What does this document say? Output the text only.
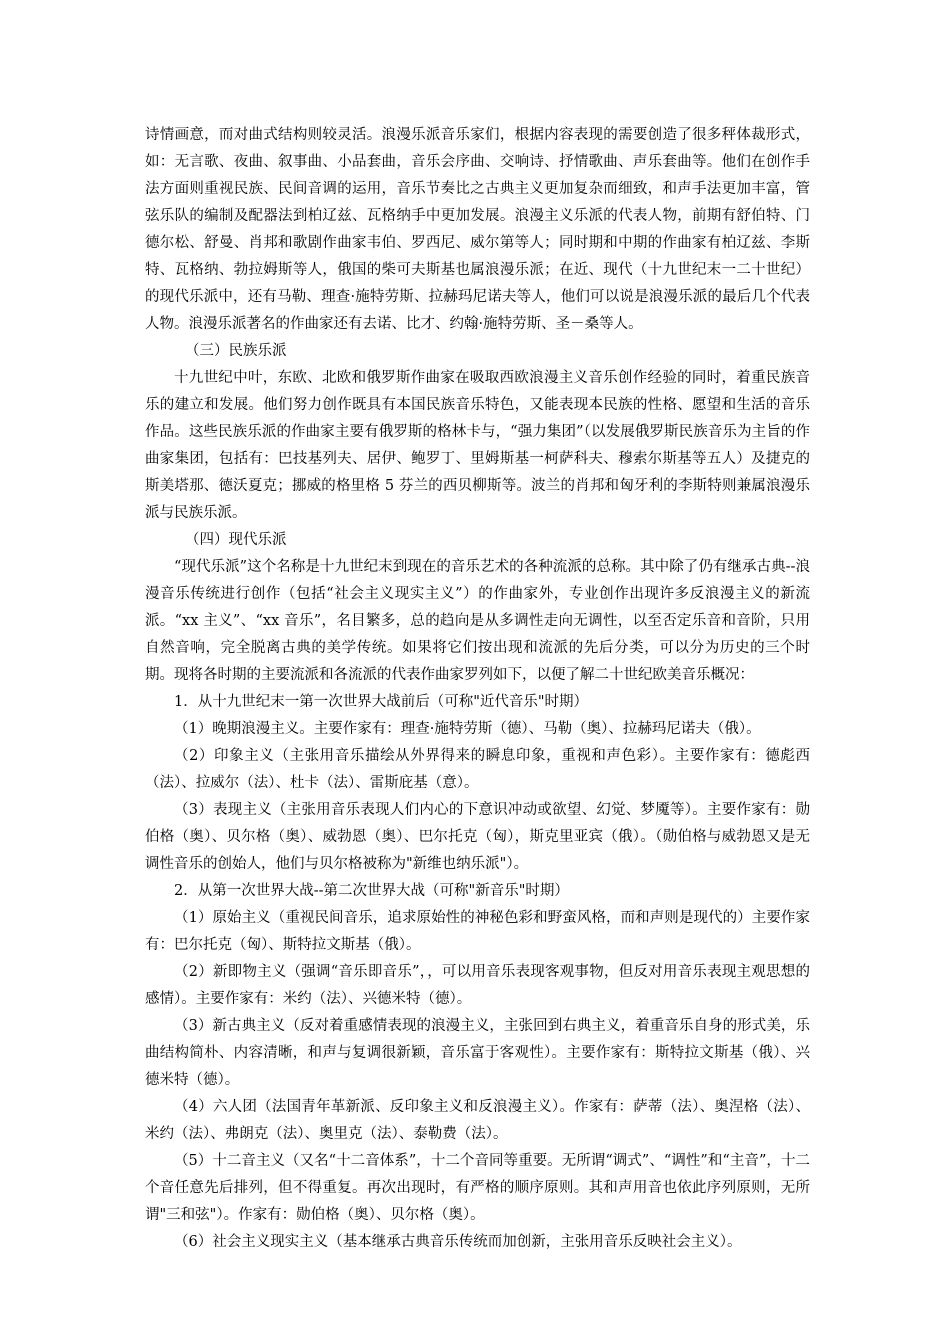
诗情画意，而对曲式结构则较灵活。浪漫乐派音乐家们，根据内容表现的需要创造了很多秤体裁形式，如：无言歌、夜曲、叙事曲、小品套曲，音乐会序曲、交响诗、抒情歌曲、声乐套曲等。他们在创作手法方面则重视民族、民间音调的运用，音乐节奏比之古典主义更加复杂而细致，和声手法更加丰富，管弦乐队的编制及配器法到柏辽兹、瓦格纳手中更加发展。浪漫主义乐派的代表人物，前期有舒伯特、门德尔松、舒曼、肖邦和歌剧作曲家韦伯、罗西尼、威尔第等人；同时期和中期的作曲家有柏辽兹、李斯特、瓦格纳、勃拉姆斯等人，俄国的柴可夫斯基也属浪漫乐派；在近、现代（十九世纪末一二十世纪）的现代乐派中，还有马勒、理查·施特劳斯、拉赫玛尼诺夫等人，他们可以说是浪漫乐派的最后几个代表人物。浪漫乐派著名的作曲家还有去诺、比才、约翰·施特劳斯、圣－桑等人。

（三）民族乐派

十九世纪中叶，东欧、北欧和俄罗斯作曲家在吸取西欧浪漫主义音乐创作经验的同时，着重民族音乐的建立和发展。他们努力创作既具有本国民族音乐特色，又能表现本民族的性格、愿望和生活的音乐作品。这些民族乐派的作曲家主要有俄罗斯的格林卡与，“强力集团”（以发展俄罗斯民族音乐为主旨的作曲家集团，包括有：巴技基列夫、居伊、鲍罗丁、里姆斯基一柯萨科夫、穆索尔斯基等五人）及捷克的斯美塔那、德沃夏克；挪威的格里格 5 芬兰的西贝柳斯等。波兰的肖邦和匈牙利的李斯特则兼属浪漫乐派与民族乐派。

（四）现代乐派

“现代乐派”这个名称是十九世纪末到现在的音乐艺术的各种流派的总称。其中除了仍有继承古典--浪漫音乐传统进行创作（包括“社会主义现实主义”）的作曲家外，专业创作出现许多反浪漫主义的新流派。“xx 主义”、“xx 音乐”，名目繁多，总的趋向是从多调性走向无调性，以至否定乐音和音阶，只用自然音响，完全脱离古典的美学传统。如果将它们按出现和流派的先后分类，可以分为历史的三个时期。现将各时期的主要流派和各流派的代表作曲家罗列如下，以便了解二十世纪欧美音乐概况：

1．从十九世纪末一第一次世界大战前后（可称"近代音乐"时期）

（1）晚期浪漫主义。主要作家有：理查·施特劳斯（德）、马勒（奥）、拉赫玛尼诺夫（俄）。

（2）印象主义（主张用音乐描绘从外界得来的瞬息印象，重视和声色彩）。主要作家有：德彪西（法）、拉威尔（法）、杜卡（法）、雷斯庇基（意）。

（3）表现主义（主张用音乐表现人们内心的下意识冲动或欲望、幻觉、梦魇等）。主要作家有：勋伯格（奥）、贝尔格（奥）、威勃恩（奥）、巴尔托克（匈），斯克里亚宾（俄）。（勋伯格与威勃恩又是无调性音乐的创始人，他们与贝尔格被称为"新维也纳乐派"）。

2．从第一次世界大战--第二次世界大战（可称"新音乐"时期）

（1）原始主义（重视民间音乐，追求原始性的神秘色彩和野蛮风格，而和声则是现代的）主要作家有：巴尔托克（匈）、斯特拉文斯基（俄）。

（2）新即物主义（强调“音乐即音乐”，，可以用音乐表现客观事物，但反对用音乐表现主观思想的感情）。主要作家有：米约（法）、兴德米特（德）。

（3）新古典主义（反对着重感情表现的浪漫主义，主张回到右典主义，着重音乐自身的形式美，乐曲结构简朴、内容清晰，和声与复调很新颖，音乐富于客观性）。主要作家有：斯特拉文斯基（俄）、兴德米特（德）。

（4）六人团（法国青年革新派、反印象主义和反浪漫主义）。作家有：萨蒂（法）、奥涅格（法）、米约（法）、弗朗克（法）、奥里克（法）、泰勒费（法）。

（5）十二音主义（又名“十二音体系”，十二个音同等重要。无所谓“调式”、“调性”和“主音”，十二个音任意先后排列，但不得重复。再次出现时，有严格的顺序原则。其和声用音也依此序列原则，无所谓"三和弦"）。作家有：勋伯格（奥）、贝尔格（奥）。

（6）社会主义现实主义（基本继承古典音乐传统而加创新，主张用音乐反映社会主义）。
